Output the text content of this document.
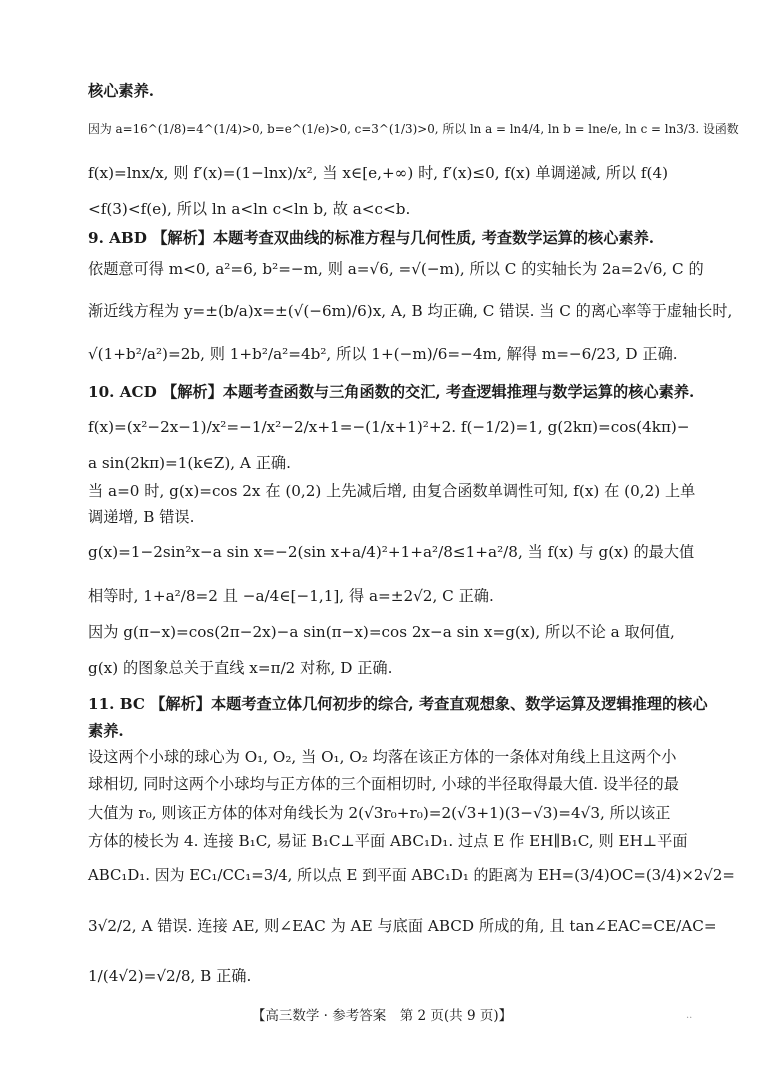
核心素养.
因为 a=16^(1/8)=4^(1/4)>0, b=e^(1/e)>0, c=3^(1/3)>0, 所以 ln a = ln4/4, ln b = lne/e, ln c = ln3/3. 设函数
f(x)=lnx/x, 则 f′(x)=(1−lnx)/x², 当 x∈[e,+∞) 时, f′(x)≤0, f(x) 单调递减, 所以 f(4)
<f(3)<f(e), 所以 ln a<ln c<ln b, 故 a<c<b.
9. ABD 【解析】本题考查双曲线的标准方程与几何性质, 考查数学运算的核心素养.
依题意可得 m<0, a²=6, b²=−m, 则 a=√6, =√(−m), 所以 C 的实轴长为 2a=2√6, C 的
渐近线方程为 y=±(b/a)x=±(√(−6m)/6)x, A, B 均正确, C 错误. 当 C 的离心率等于虚轴长时,
√(1+b²/a²)=2b, 则 1+b²/a²=4b², 所以 1+(−m)/6=−4m, 解得 m=−6/23, D 正确.
10. ACD 【解析】本题考查函数与三角函数的交汇, 考查逻辑推理与数学运算的核心素养.
f(x)=(x²−2x−1)/x²=−1/x²−2/x+1=−(1/x+1)²+2. f(−1/2)=1, g(2kπ)=cos(4kπ)−
a sin(2kπ)=1(k∈Z), A 正确.
当 a=0 时, g(x)=cos 2x 在 (0,2) 上先减后增, 由复合函数单调性可知, f(x) 在 (0,2) 上单
调递增, B 错误.
g(x)=1−2sin²x−a sin x=−2(sin x+a/4)²+1+a²/8≤1+a²/8, 当 f(x) 与 g(x) 的最大值
相等时, 1+a²/8=2 且 −a/4∈[−1,1], 得 a=±2√2, C 正确.
因为 g(π−x)=cos(2π−2x)−a sin(π−x)=cos 2x−a sin x=g(x), 所以不论 a 取何值,
g(x) 的图象总关于直线 x=π/2 对称, D 正确.
11. BC 【解析】本题考查立体几何初步的综合, 考查直观想象、数学运算及逻辑推理的核心
素养.
设这两个小球的球心为 O₁, O₂, 当 O₁, O₂ 均落在该正方体的一条体对角线上且这两个小
球相切, 同时这两个小球均与正方体的三个面相切时, 小球的半径取得最大值. 设半径的最
大值为 r₀, 则该正方体的体对角线长为 2(√3r₀+r₀)=2(√3+1)(3−√3)=4√3, 所以该正
方体的棱长为 4. 连接 B₁C, 易证 B₁C⊥平面 ABC₁D₁. 过点 E 作 EH∥B₁C, 则 EH⊥平面
ABC₁D₁. 因为 EC₁/CC₁=3/4, 所以点 E 到平面 ABC₁D₁ 的距离为 EH=(3/4)OC=(3/4)×2√2=
3√2/2, A 错误. 连接 AE, 则∠EAC 为 AE 与底面 ABCD 所成的角, 且 tan∠EAC=CE/AC=
1/(4√2)=√2/8, B 正确.
【高三数学 · 参考答案　第 2 页(共 9 页)】	..
